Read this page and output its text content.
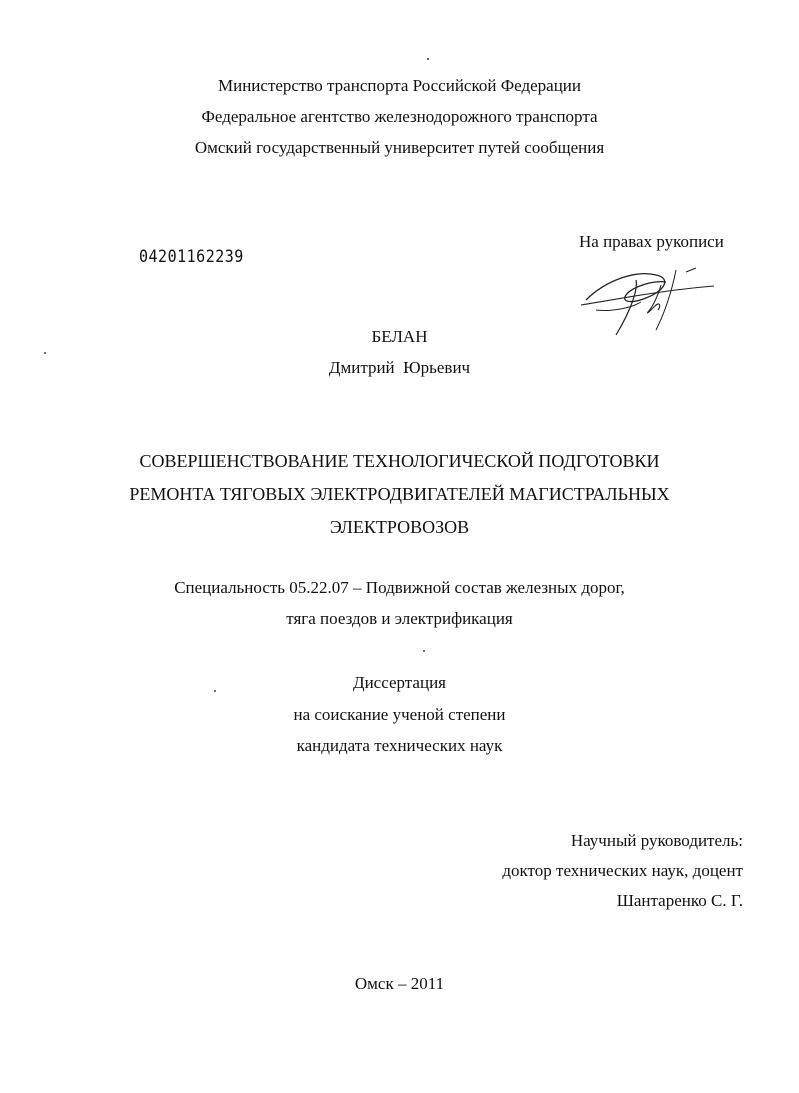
Министерство транспорта Российской Федерации
Федеральное агентство железнодорожного транспорта
Омский государственный университет путей сообщения
04201162239
На правах рукописи
БЕЛАН
Дмитрий  Юрьевич
СОВЕРШЕНСТВОВАНИЕ ТЕХНОЛОГИЧЕСКОЙ ПОДГОТОВКИ
РЕМОНТА ТЯГОВЫХ ЭЛЕКТРОДВИГАТЕЛЕЙ МАГИСТРАЛЬНЫХ
ЭЛЕКТРОВОЗОВ
Специальность 05.22.07 – Подвижной состав железных дорог,
тяга поездов и электрификация
Диссертация
на соискание ученой степени
кандидата технических наук
Научный руководитель:
доктор технических наук, доцент
Шантаренко С. Г.
Омск – 2011
